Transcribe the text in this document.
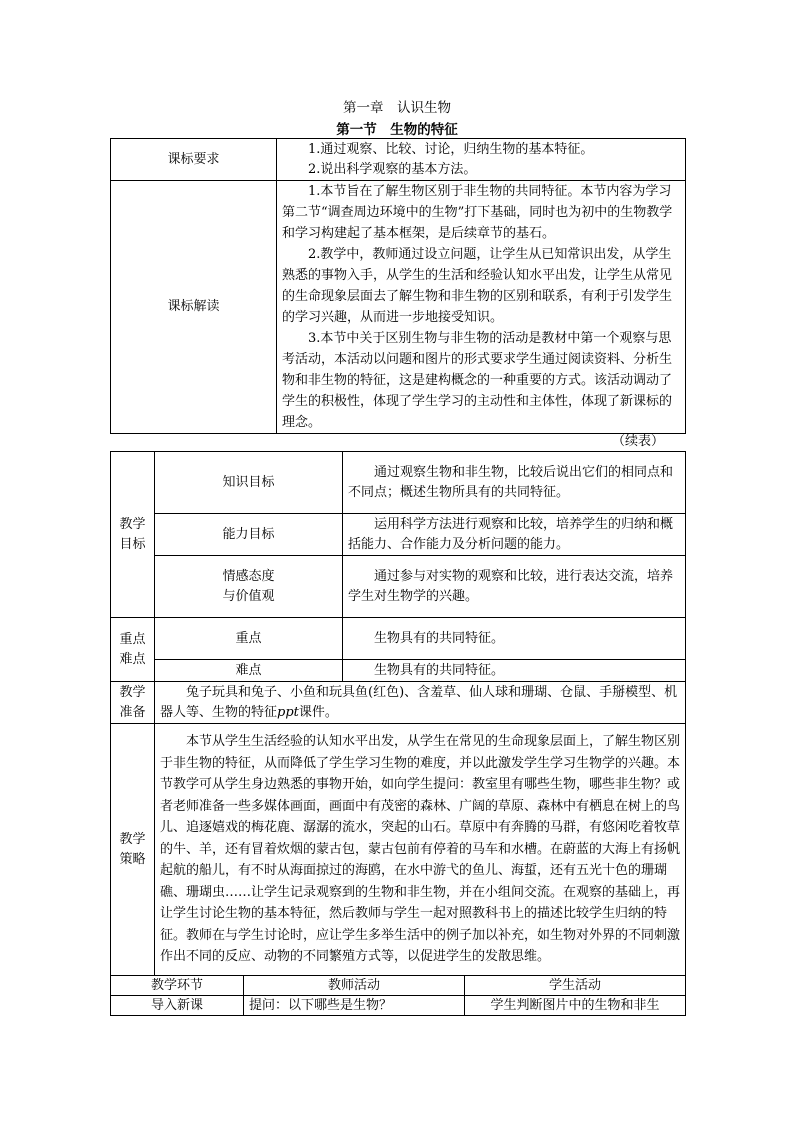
第一章　认识生物
第一节　生物的特征
课标要求	1.通过观察、比较、讨论，归纳生物的基本特征。
2.说出科学观察的基本方法。

课标解读	1.本节旨在了解生物区别于非生物的共同特征。本节内容为学习第二节“调查周边环境中的生物”打下基础，同时也为初中的生物教学和学习构建起了基本框架，是后续章节的基石。

2.教学中，教师通过设立问题，让学生从已知常识出发，从学生熟悉的事物入手，从学生的生活和经验认知水平出发，让学生从常见的生命现象层面去了解生物和非生物的区别和联系，有利于引发学生的学习兴趣，从而进一步地接受知识。

3.本节中关于区别生物与非生物的活动是教材中第一个观察与思考活动，本活动以问题和图片的形式要求学生通过阅读资料、分析生物和非生物的特征，这是建构概念的一种重要的方式。该活动调动了学生的积极性，体现了学生学习的主动性和主体性，体现了新课标的理念。

（续表）
教学
目标	知识目标		通过观察生物和非生物，比较后说出它们的相同点和不同点；概述生物所具有的共同特征。	
	能力目标		运用科学方法进行观察和比较，培养学生的归纳和概括能力、合作能力及分析问题的能力。	

	情感态度
与价值观		通过参与对实物的观察和比较，进行表达交流，培养学生对生物学的兴趣。	

重点
难点	重点		生物具有的共同特征。	
	难点		生物具有的共同特征。	

教学
准备	兔子玩具和兔子、小鱼和玩具鱼(红色)、含羞草、仙人球和珊瑚、仓鼠、手掰模型、机器人等、生物的特征ppt课件。			

教学
策略	本节从学生生活经验的认知水平出发，从学生在常见的生命现象层面上，了解生物区别于非生物的特征，从而降低了学生学习生物的难度，并以此激发学生学习生物学的兴趣。本节教学可从学生身边熟悉的事物开始，如向学生提问：教室里有哪些生物，哪些非生物？或者老师准备一些多媒体画面，画面中有茂密的森林、广阔的草原、森林中有栖息在树上的鸟儿、追逐嬉戏的梅花鹿、潺潺的流水，突起的山石。草原中有奔腾的马群，有悠闲吃着牧草的牛、羊，还有冒着炊烟的蒙古包，蒙古包前有停着的马车和水槽。在蔚蓝的大海上有扬帆起航的船儿，有不时从海面掠过的海鸥，在水中游弋的鱼儿、海蜇，还有五光十色的珊瑚礁、珊瑚虫……让学生记录观察到的生物和非生物，并在小组间交流。在观察的基础上，再让学生讨论生物的基本特征，然后教师与学生一起对照教科书上的描述比较学生归纳的特征。教师在与学生讨论时，应让学生多举生活中的例子加以补充，如生物对外界的不同刺激作出不同的反应、动物的不同繁殖方式等，以促进学生的发散思维。			
教学环节		教师活动		学生活动
导入新课		提问：以下哪些是生物？		学生判断图片中的生物和非生
